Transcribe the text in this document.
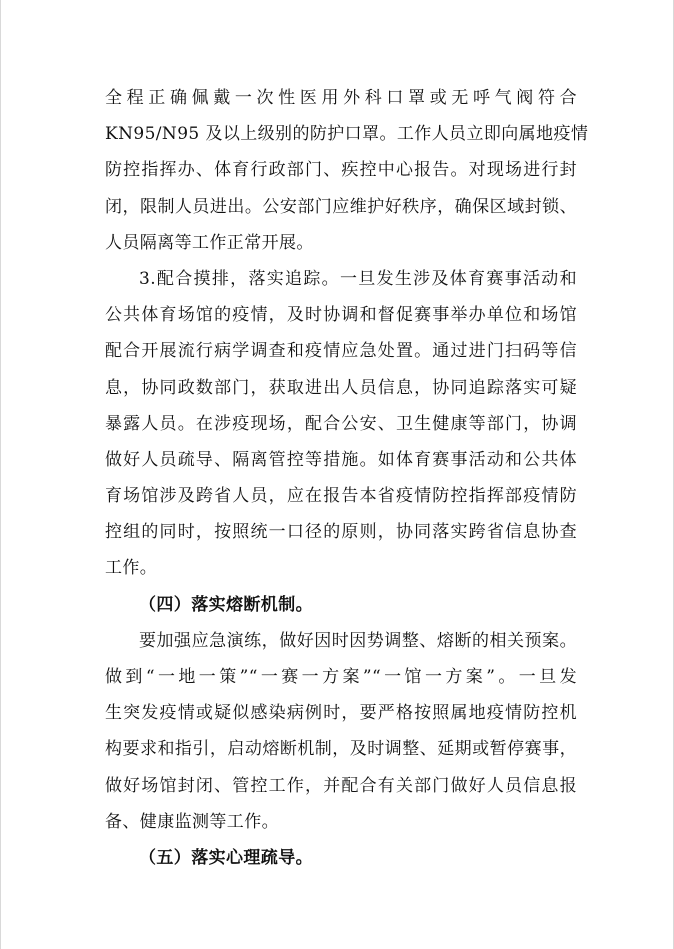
全程正确佩戴一次性医用外科口罩或无呼气阀符合
KN95/N95 及以上级别的防护口罩。工作人员立即向属地疫情
防控指挥办、体育行政部门、疾控中心报告。对现场进行封
闭，限制人员进出。公安部门应维护好秩序，确保区域封锁、
人员隔离等工作正常开展。
3.配合摸排，落实追踪。一旦发生涉及体育赛事活动和
公共体育场馆的疫情，及时协调和督促赛事举办单位和场馆
配合开展流行病学调查和疫情应急处置。通过进门扫码等信
息，协同政数部门，获取进出人员信息，协同追踪落实可疑
暴露人员。在涉疫现场，配合公安、卫生健康等部门，协调
做好人员疏导、隔离管控等措施。如体育赛事活动和公共体
育场馆涉及跨省人员，应在报告本省疫情防控指挥部疫情防
控组的同时，按照统一口径的原则，协同落实跨省信息协查
工作。
（四）落实熔断机制。
要加强应急演练，做好因时因势调整、熔断的相关预案。
做到“一地一策”“一赛一方案”“一馆一方案”。一旦发
生突发疫情或疑似感染病例时，要严格按照属地疫情防控机
构要求和指引，启动熔断机制，及时调整、延期或暂停赛事，
做好场馆封闭、管控工作，并配合有关部门做好人员信息报
备、健康监测等工作。
（五）落实心理疏导。
